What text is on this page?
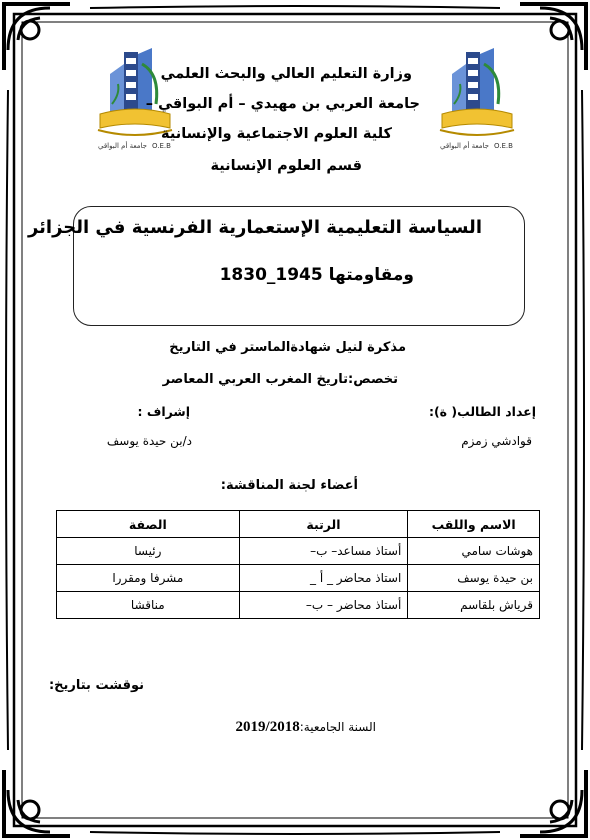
جامعة أم البواقي O.E.B	جامعة أم البواقي O.E.B
وزارة التعليم العالي والبحث العلمي
جامعة العربي بن مهيدي – أم البواقي –
كلية العلوم الاجتماعية والإنسانية
قسم العلوم الإنسانية
السياسة التعليمية الإستعمارية الفرنسية في الجزائر
ومقاومتها 1830_1945
مذكرة لنيل شهادةالماستر في التاريخ
تخصص:تاريخ المغرب العربي المعاصر
إعداد الطالب( ة):
قوادشي زمزم
إشراف :
د/بن حيدة يوسف
أعضاء لجنة المناقشة:
الاسم واللقب	الرتبة	الصفة
هوشات سامي	أستاذ مساعد– ب–	رئيسا
بن حيدة يوسف	استاذ محاضر _ أ _	مشرفا ومقررا
قرياش بلقاسم	أستاذ محاضر – ب–	مناقشا
نوقشت بتاريخ:
السنة الجامعية:2019/2018
